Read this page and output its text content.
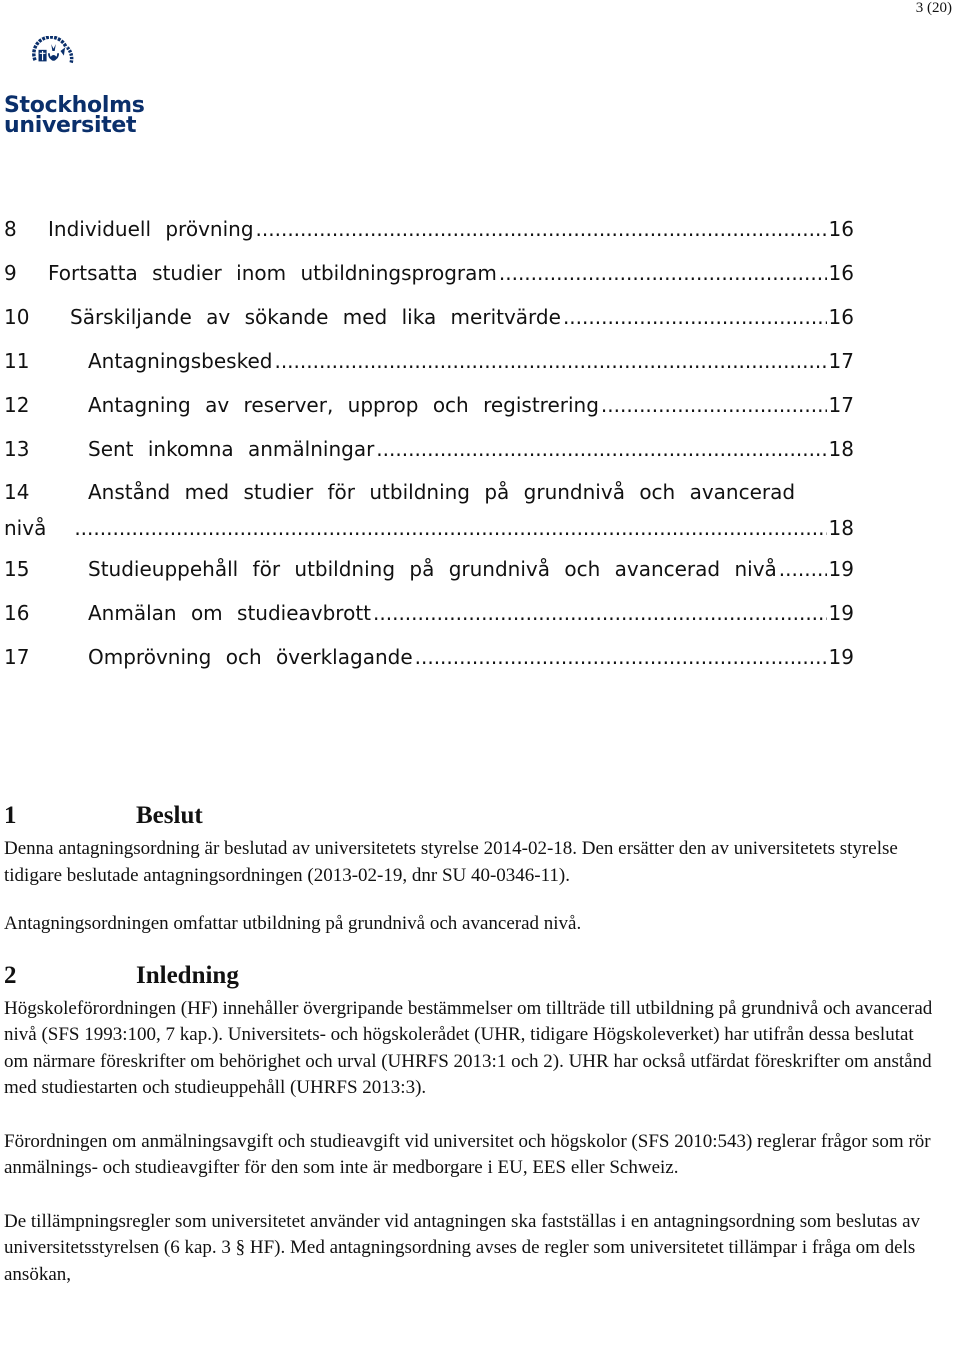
3 (20)
Stockholms
universitet
8	Individuell prövning .....	16
9	Fortsatta studier inom utbildningsprogram .....	16
10	Särskiljande av sökande med lika meritvärde .....	16
11	Antagningsbesked .....	17
12	Antagning av reserver, upprop och registrering .....	17
13	Sent inkomna anmälningar .....	18
14	Anstånd med studier för utbildning på grundnivå och avancerad
nivå .....	18
15	Studieuppehåll för utbildning på grundnivå och avancerad nivå .....	19
16	Anmälan om studieavbrott .....	19
17	Omprövning och överklagande .....	19
1	Beslut

Denna antagningsordning är beslutad av universitetets styrelse 2014-02-18. Den ersätter den av universitetets styrelse tidigare beslutade antagningsordningen (2013-02-19, dnr SU 40-0346-11).

Antagningsordningen omfattar utbildning på grundnivå och avancerad nivå.

2	Inledning

Högskoleförordningen (HF) innehåller övergripande bestämmelser om tillträde till utbildning på grundnivå och avancerad nivå (SFS 1993:100, 7 kap.). Universitets- och högskolerådet (UHR, tidigare Högskoleverket) har utifrån dessa beslutat om närmare föreskrifter om behörighet och urval (UHRFS 2013:1 och 2). UHR har också utfärdat föreskrifter om anstånd med studiestarten och studieuppehåll (UHRFS 2013:3).

Förordningen om anmälningsavgift och studieavgift vid universitet och högskolor (SFS 2010:543) reglerar frågor som rör anmälnings- och studieavgifter för den som inte är medborgare i EU, EES eller Schweiz.

De tillämpningsregler som universitetet använder vid antagningen ska fastställas i en antagningsordning som beslutas av universitetsstyrelsen (6 kap. 3 § HF). Med antagningsordning avses de regler som universitetet tillämpar i fråga om dels ansökan,
